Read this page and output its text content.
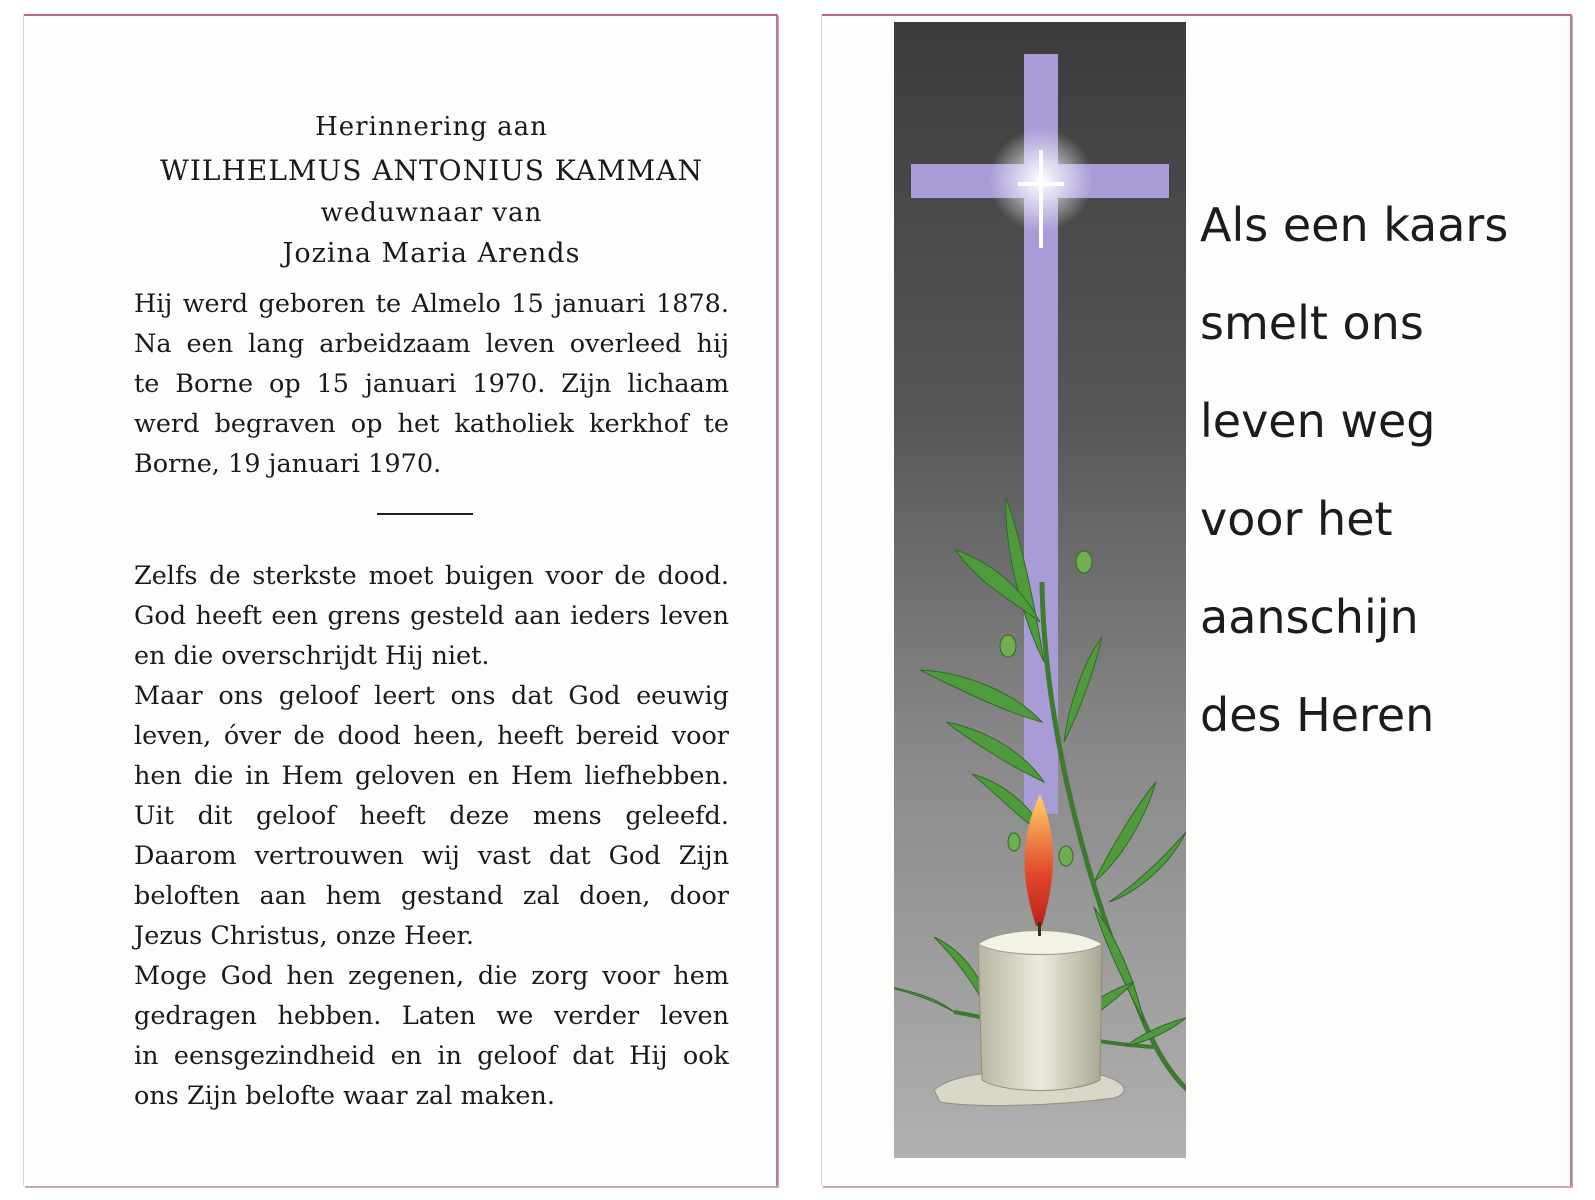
Herinnering aan
WILHELMUS ANTONIUS KAMMAN
weduwnaar van
Jozina Maria Arends
Hij werd geboren te Almelo 15 januari 1878.
Na een lang arbeidzaam leven overleed hij
te Borne op 15 januari 1970. Zijn lichaam
werd begraven op het katholiek kerkhof te
Borne, 19 januari 1970.
Zelfs de sterkste moet buigen voor de dood.
God heeft een grens gesteld aan ieders leven
en die overschrijdt Hij niet.
Maar ons geloof leert ons dat God eeuwig
leven, óver de dood heen, heeft bereid voor
hen die in Hem geloven en Hem liefhebben.
Uit dit geloof heeft deze mens geleefd.
Daarom vertrouwen wij vast dat God Zijn
beloften aan hem gestand zal doen, door
Jezus Christus, onze Heer.
Moge God hen zegenen, die zorg voor hem
gedragen hebben. Laten we verder leven
in eensgezindheid en in geloof dat Hij ook
ons Zijn belofte waar zal maken.
Als een kaars
smelt ons
leven weg
voor het
aanschijn
des Heren
